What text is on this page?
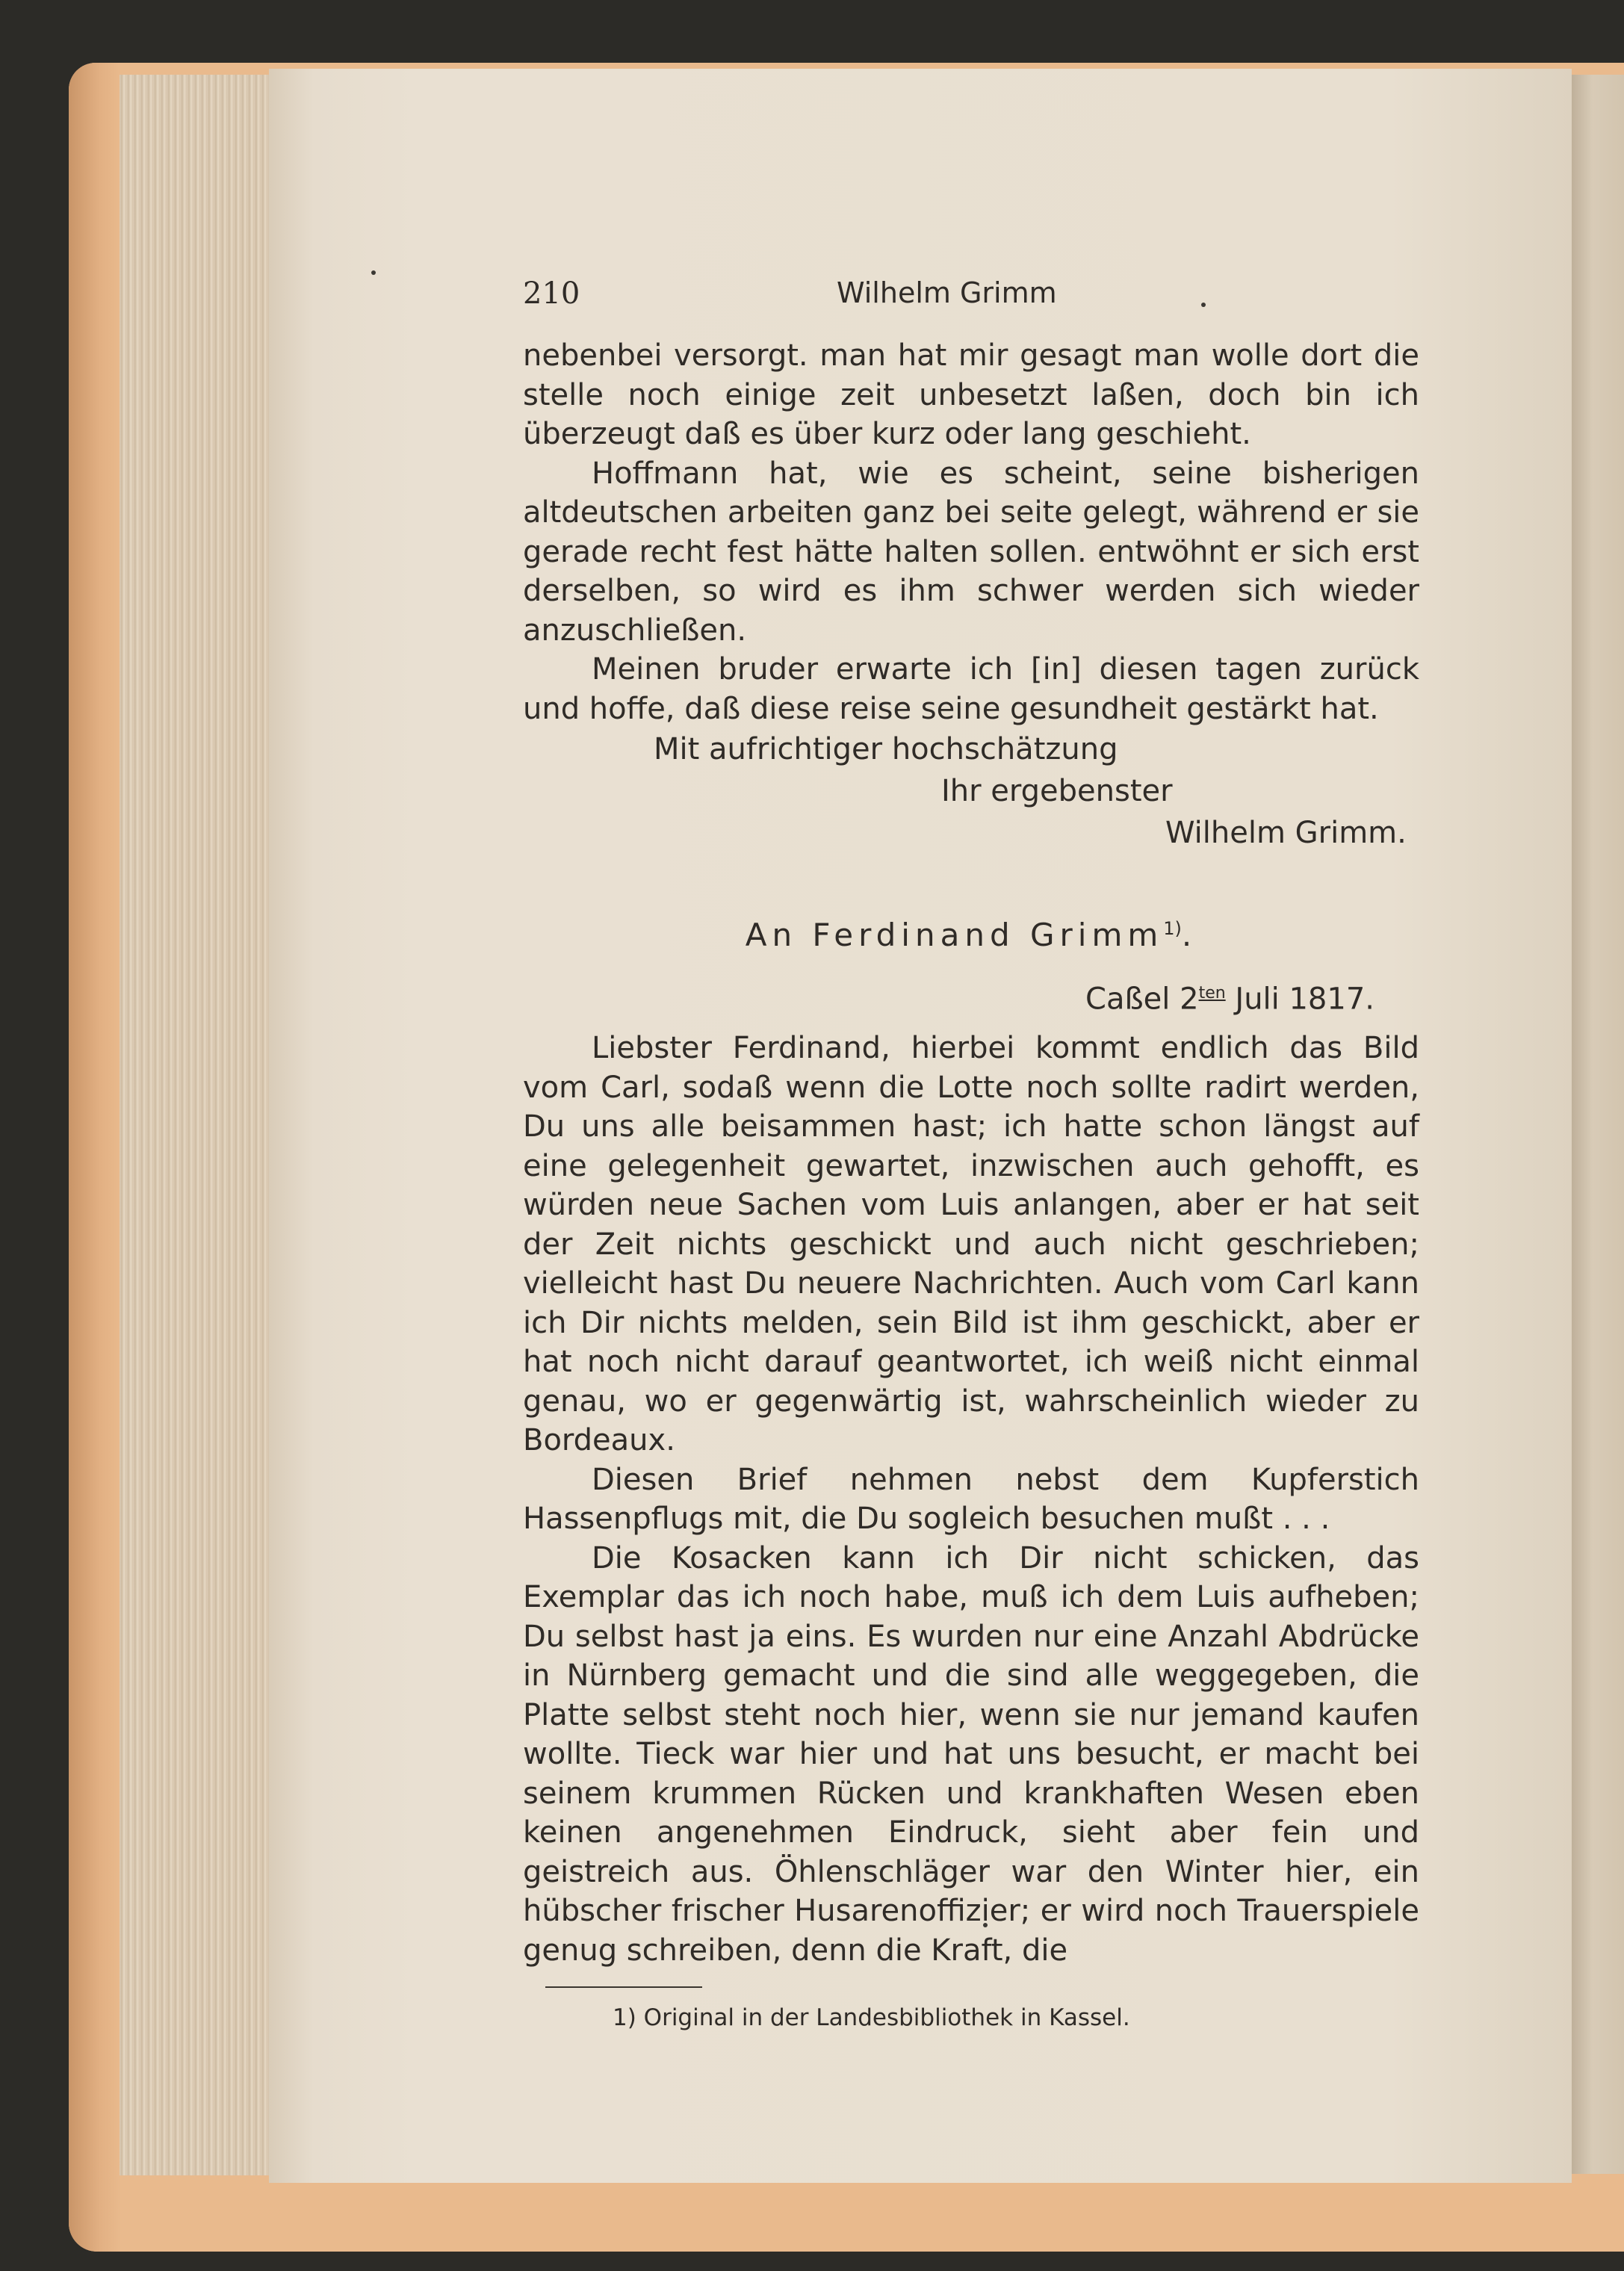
210	Wilhelm Grimm

nebenbei versorgt. man hat mir gesagt man wolle dort die stelle noch einige zeit unbesetzt laßen, doch bin ich überzeugt daß es über kurz oder lang geschieht.

Hoffmann hat, wie es scheint, seine bisherigen altdeutschen arbeiten ganz bei seite gelegt, während er sie gerade recht fest hätte halten sollen. entwöhnt er sich erst derselben, so wird es ihm schwer werden sich wieder anzuschließen.

Meinen bruder erwarte ich [in] diesen tagen zurück und hoffe, daß diese reise seine gesundheit gestärkt hat.

Mit aufrichtiger hochschätzung
Ihr ergebenster
Wilhelm Grimm.
An Ferdinand Grimm$^{1)}$.
Caßel $2^{ten}$ Juli 1817.

Liebster Ferdinand, hierbei kommt endlich das Bild vom Carl, sodaß wenn die Lotte noch sollte radirt werden, Du uns alle beisammen hast; ich hatte schon längst auf eine gelegenheit gewartet, inzwischen auch gehofft, es würden neue Sachen vom Luis anlangen, aber er hat seit der Zeit nichts geschickt und auch nicht geschrieben; vielleicht hast Du neuere Nachrichten. Auch vom Carl kann ich Dir nichts melden, sein Bild ist ihm geschickt, aber er hat noch nicht darauf geantwortet, ich weiß nicht einmal genau, wo er gegenwärtig ist, wahrscheinlich wieder zu Bordeaux.

Diesen Brief nehmen nebst dem Kupferstich Hassenpflugs mit, die Du sogleich besuchen mußt . . .

Die Kosacken kann ich Dir nicht schicken, das Exemplar das ich noch habe, muß ich dem Luis aufheben; Du selbst hast ja eins. Es wurden nur eine Anzahl Abdrücke in Nürnberg gemacht und die sind alle weggegeben, die Platte selbst steht noch hier, wenn sie nur jemand kaufen wollte. Tieck war hier und hat uns besucht, er macht bei seinem krummen Rücken und krankhaften Wesen eben keinen angenehmen Eindruck, sieht aber fein und geistreich aus. Öhlenschläger war den Winter hier, ein hübscher frischer Husarenoffizier; er wird noch Trauerspiele genug schreiben, denn die Kraft, die

1) Original in der Landesbibliothek in Kassel.
